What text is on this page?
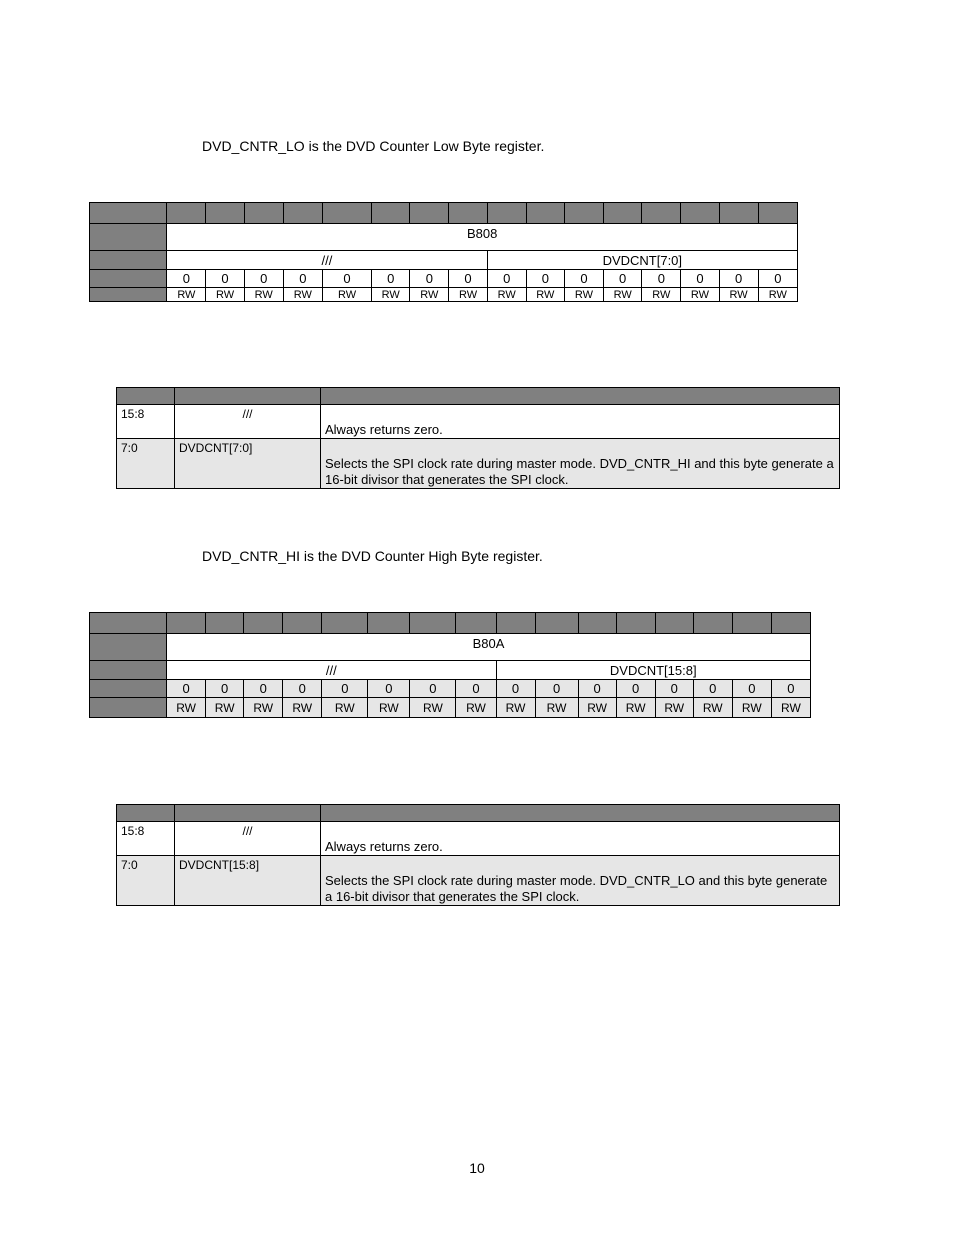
DVD_CNTR_LO is the DVD Counter Low Byte register.

	B808															
	///								DVDCNT[7:0]							
	0	0	0	0	0	0	0	0	0	0	0	0	0	0	0	0
	RW	RW	RW	RW	RW	RW	RW	RW	RW	RW	RW	RW	RW	RW	RW	RW

15:8	///	Always returns zero.
7:0	DVDCNT[7:0]	Selects the SPI clock rate during master mode. DVD_CNTR_HI and this byte generate a 16-bit divisor that generates the SPI clock.
DVD_CNTR_HI is the DVD Counter High Byte register.

	B80A															
	///								DVDCNT[15:8]							
	0	0	0	0	0	0	0	0	0	0	0	0	0	0	0	0
	RW	RW	RW	RW	RW	RW	RW	RW	RW	RW	RW	RW	RW	RW	RW	RW

15:8	///	Always returns zero.
7:0	DVDCNT[15:8]	Selects the SPI clock rate during master mode. DVD_CNTR_LO and this byte generate a 16-bit divisor that generates the SPI clock.
10
